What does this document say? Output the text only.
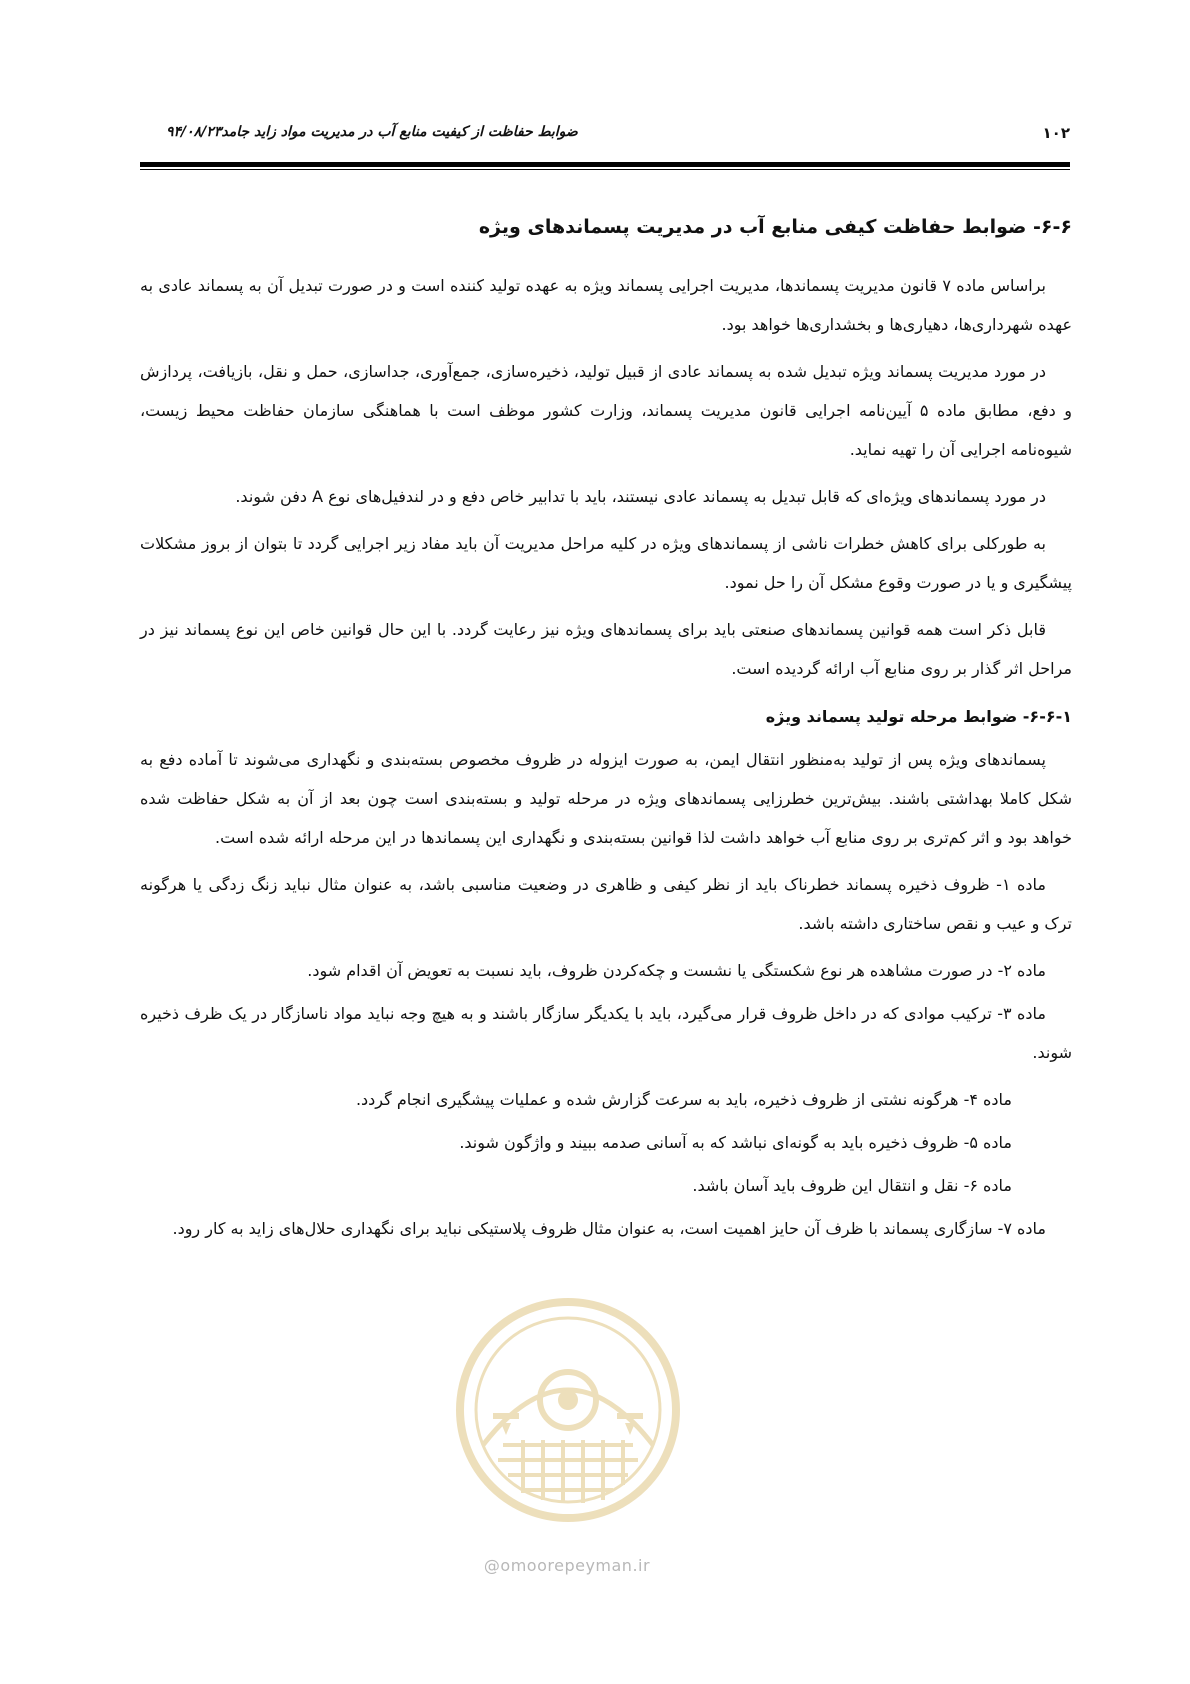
۱۰۲
ضوابط حفاظت از کیفیت منابع آب در مدیریت مواد زاید جامد۹۴/۰۸/۲۳
۶-۶- ضوابط حفاظت کیفی منابع آب در مدیریت پسماندهای ویژه

براساس ماده ۷ قانون مدیریت پسماندها، مدیریت اجرایی پسماند ویژه به عهده تولید کننده است و در صورت تبدیل آن به پسماند عادی به عهده شهرداری‌ها، دهیاری‌ها و بخشداری‌ها خواهد بود.

در مورد مدیریت پسماند ویژه تبدیل شده به پسماند عادی از قبیل تولید، ذخیره‌سازی، جمع‌آوری، جداسازی، حمل و نقل، بازیافت، پردازش و دفع، مطابق ماده ۵ آیین‌نامه اجرایی قانون مدیریت پسماند، وزارت کشور موظف است با هماهنگی سازمان حفاظت محیط زیست، شیوه‌نامه اجرایی آن را تهیه نماید.

در مورد پسماندهای ویژه‌ای که قابل تبدیل به پسماند عادی نیستند، باید با تدابیر خاص دفع و در لندفیل‌های نوع A دفن شوند.

به طورکلی برای کاهش خطرات ناشی از پسماندهای ویژه در کلیه مراحل مدیریت آن باید مفاد زیر اجرایی گردد تا بتوان از بروز مشکلات پیشگیری و یا در صورت وقوع مشکل آن را حل نمود.

قابل ذکر است همه قوانین پسماندهای صنعتی باید برای پسماندهای ویژه نیز رعایت گردد. با این حال قوانین خاص این نوع پسماند نیز در مراحل اثر گذار بر روی منابع آب ارائه گردیده است.

۶-۶-۱- ضوابط مرحله تولید پسماند ویژه

پسماندهای ویژه پس از تولید به‌منظور انتقال ایمن، به صورت ایزوله در ظروف مخصوص بسته‌بندی و نگهداری می‌شوند تا آماده دفع به شکل کاملا بهداشتی باشند. بیش‌ترین خطرزایی پسماندهای ویژه در مرحله تولید و بسته‌بندی است چون بعد از آن به شکل حفاظت شده خواهد بود و اثر کم‌تری بر روی منابع آب خواهد داشت لذا قوانین بسته‌بندی و نگهداری این پسماندها در این مرحله ارائه شده است.

ماده ۱- ظروف ذخیره پسماند خطرناک باید از نظر کیفی و ظاهری در وضعیت مناسبی باشد، به عنوان مثال نباید زنگ زدگی یا هرگونه ترک و عیب و نقص ساختاری داشته باشد.

ماده ۲- در صورت مشاهده هر نوع شکستگی یا نشست و چکه‌کردن ظروف، باید نسبت به تعویض آن اقدام شود.

ماده ۳- ترکیب موادی که در داخل ظروف قرار می‌گیرد، باید با یکدیگر سازگار باشند و به هیچ وجه نباید مواد ناسازگار در یک ظرف ذخیره شوند.

ماده ۴- هرگونه نشتی از ظروف ذخیره، باید به سرعت گزارش شده و عملیات پیشگیری انجام گردد.

ماده ۵- ظروف ذخیره باید به گونه‌ای نباشد که به آسانی صدمه ببیند و واژگون شوند.

ماده ۶- نقل و انتقال این ظروف باید آسان باشد.

ماده ۷- سازگاری پسماند با ظرف آن حایز اهمیت است، به عنوان مثال ظروف پلاستیکی نباید برای نگهداری حلال‌های زاید به کار رود.

@omoorepeyman.ir
